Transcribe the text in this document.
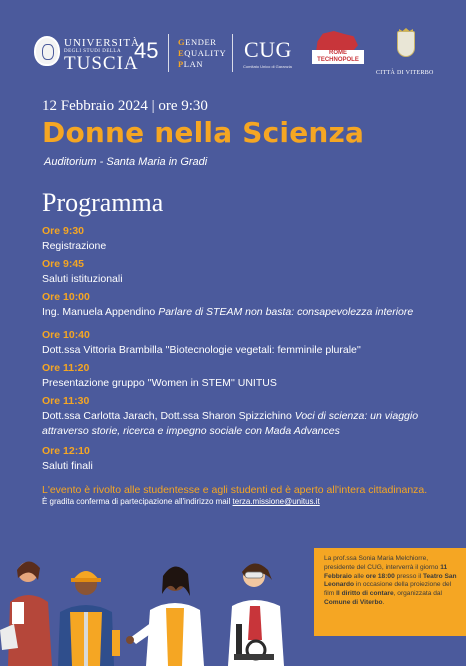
UNIVERSITÀ
DEGLI STUDI DELLA
TUSCIA
45 GENDER
EQUALITY
PLAN
CUG
Comitato Unico di Garanzia
ROME TECHNOPOLE
CITTÀ DI VITERBO
12 Febbraio 2024 | ore 9:30
Donne nella Scienza
Auditorium - Santa Maria in Gradi
Programma
Ore 9:30
Registrazione
Ore 9:45
Saluti istituzionali
Ore 10:00
Ing. Manuela Appendino Parlare di STEAM non basta: consapevolezza interiore
Ore 10:40
Dott.ssa Vittoria Brambilla ''Biotecnologie vegetali: femminile plurale''
Ore 11:20
Presentazione gruppo ''Women in STEM'' UNITUS
Ore 11:30
Dott.ssa Carlotta Jarach, Dott.ssa Sharon Spizzichino Voci di scienza: un viaggio attraverso storie, ricerca e impegno sociale con Mada Advances
Ore 12:10
Saluti finali
L'evento è rivolto alle studentesse e agli studenti ed è aperto all'intera cittadinanza.
È gradita conferma di partecipazione all'indirizzo mail terza.missione@unitus.it
La prof.ssa Sonia Maria Melchiorre, presidente del CUG, interverrà il giorno 11 Febbraio alle ore 18:00 presso il Teatro San Leonardo in occasione della proiezione del film Il diritto di contare, organizzata dal Comune di Viterbo.
